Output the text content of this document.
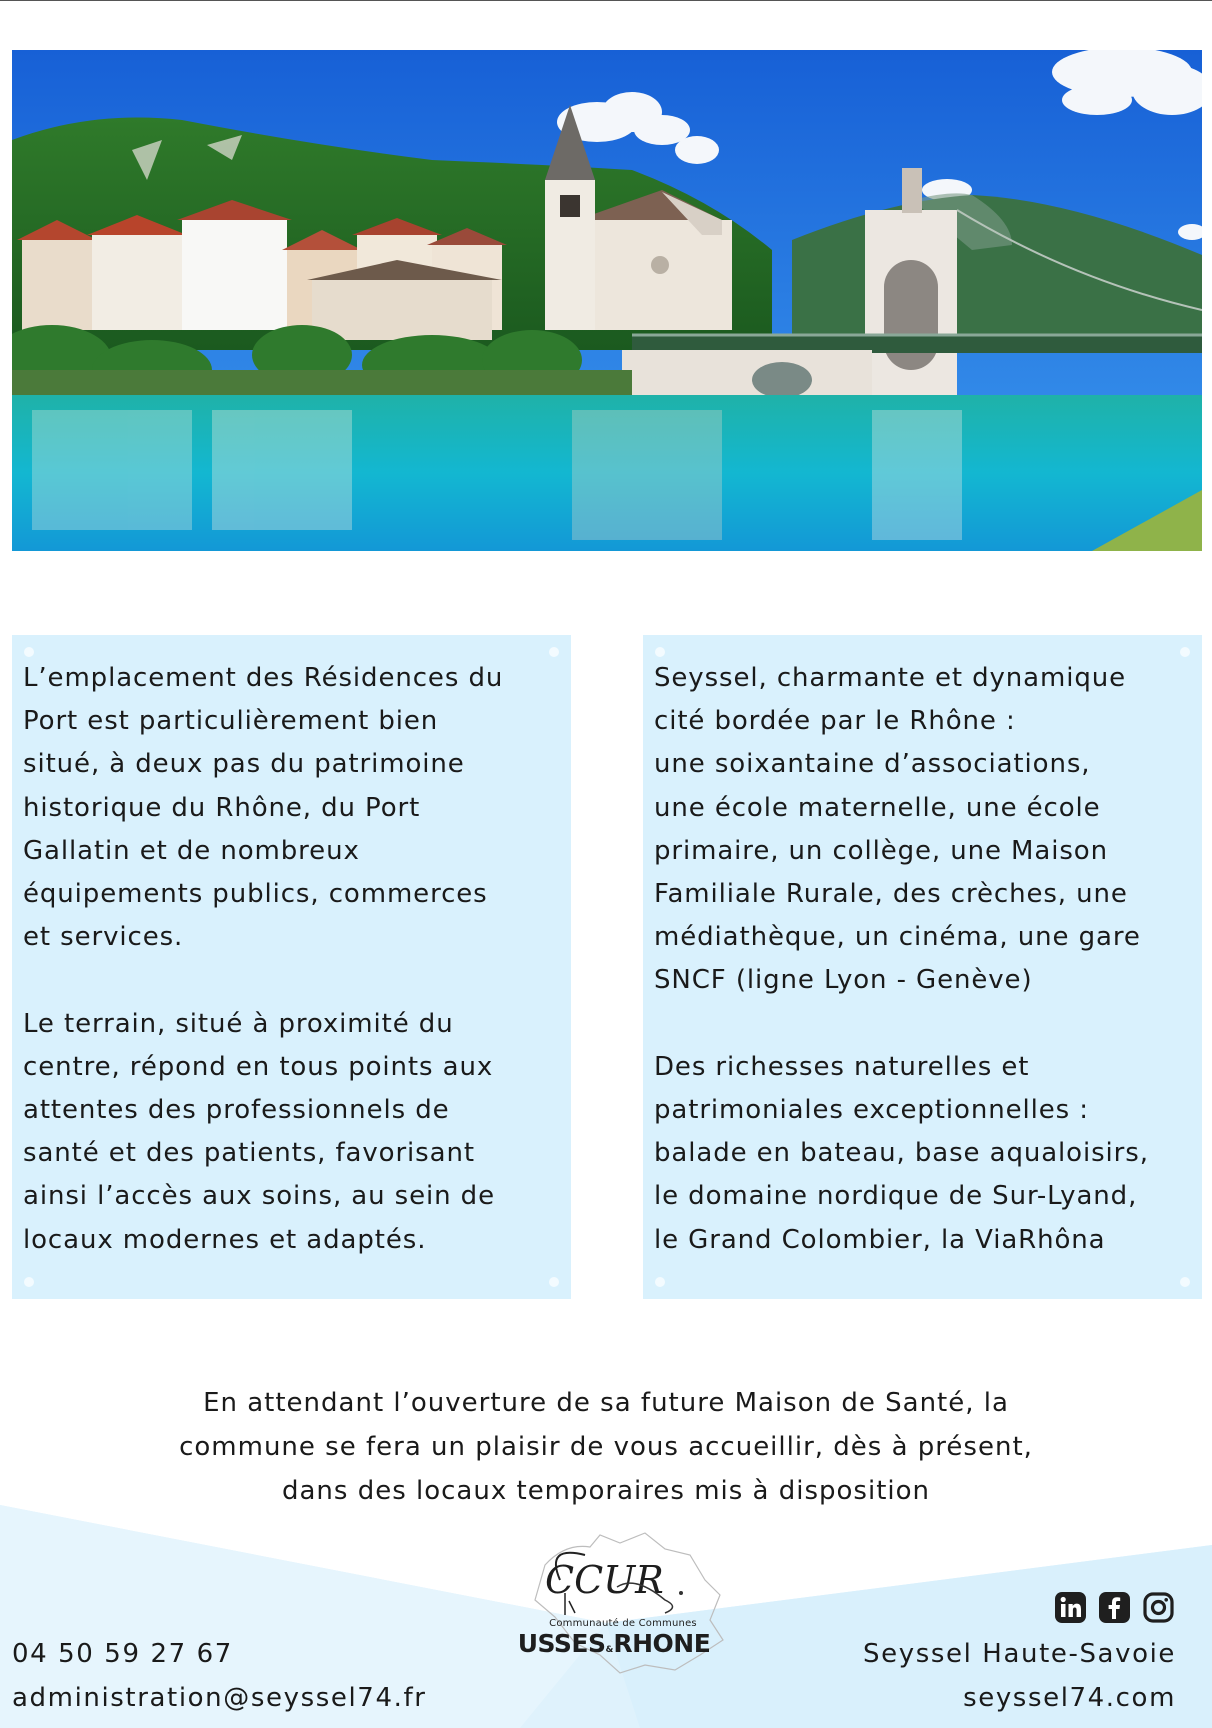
L’emplacement des Résidences du
Port est particulièrement bien
situé, à deux pas du patrimoine
historique du Rhône, du Port
Gallatin et de nombreux
équipements publics, commerces
et services.

Le terrain, situé à proximité du
centre, répond en tous points aux
attentes des professionnels de
santé et des patients, favorisant
ainsi l’accès aux soins, au sein de
locaux modernes et adaptés.

Seyssel, charmante et dynamique
cité bordée par le Rhône :
une soixantaine d’associations,
une école maternelle, une école
primaire, un collège, une Maison
Familiale Rurale, des crèches, une
médiathèque, un cinéma, une gare
SNCF (ligne Lyon - Genève)

Des richesses naturelles et
patrimoniales exceptionnelles :
balade en bateau, base aqualoisirs,
le domaine nordique de Sur-Lyand,
le Grand Colombier, la ViaRhôna

En attendant l’ouverture de sa future Maison de Santé, la
commune se fera un plaisir de vous accueillir, dès à présent,
dans des locaux temporaires mis à disposition
04 50 59 27 67
administration@seyssel74.fr
Seyssel Haute-Savoie
seyssel74.com
CCUR
Communauté de Communes
USSES&RHONE
